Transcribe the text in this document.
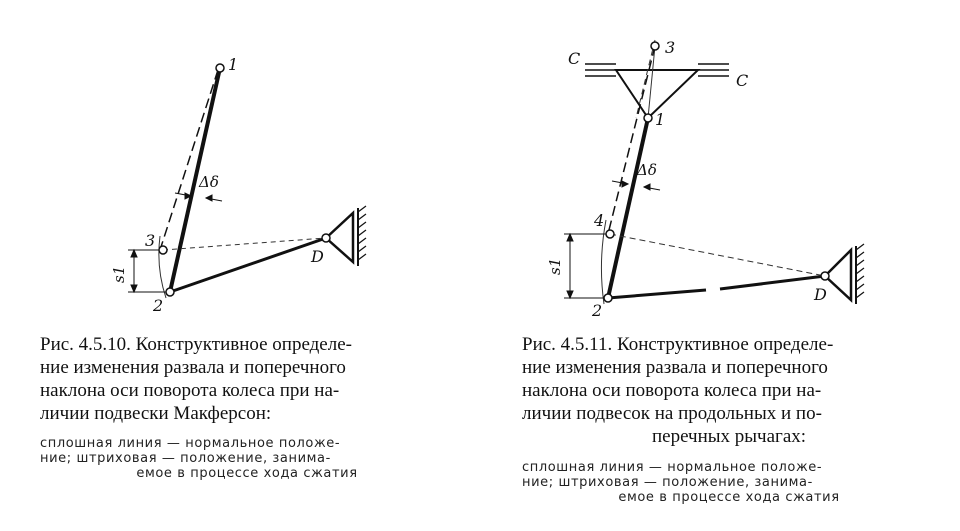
1
2
3
D
Δδ
s1
C
C
3
1
4
2
D
Δδ
s1
Рис. 4.5.10. Конструктивное определе-
ние изменения развала и поперечного
наклона оси поворота колеса при на-
личии подвески Макферсон:
сплошная линия — нормальное положе-
ние; штриховая — положение, занима-
емое в процессе хода сжатия
Рис. 4.5.11. Конструктивное определе-
ние изменения развала и поперечного
наклона оси поворота колеса при на-
личии подвесок на продольных и по-
перечных рычагах:
сплошная линия — нормальное положе-
ние; штриховая — положение, занима-
емое в процессе хода сжатия
